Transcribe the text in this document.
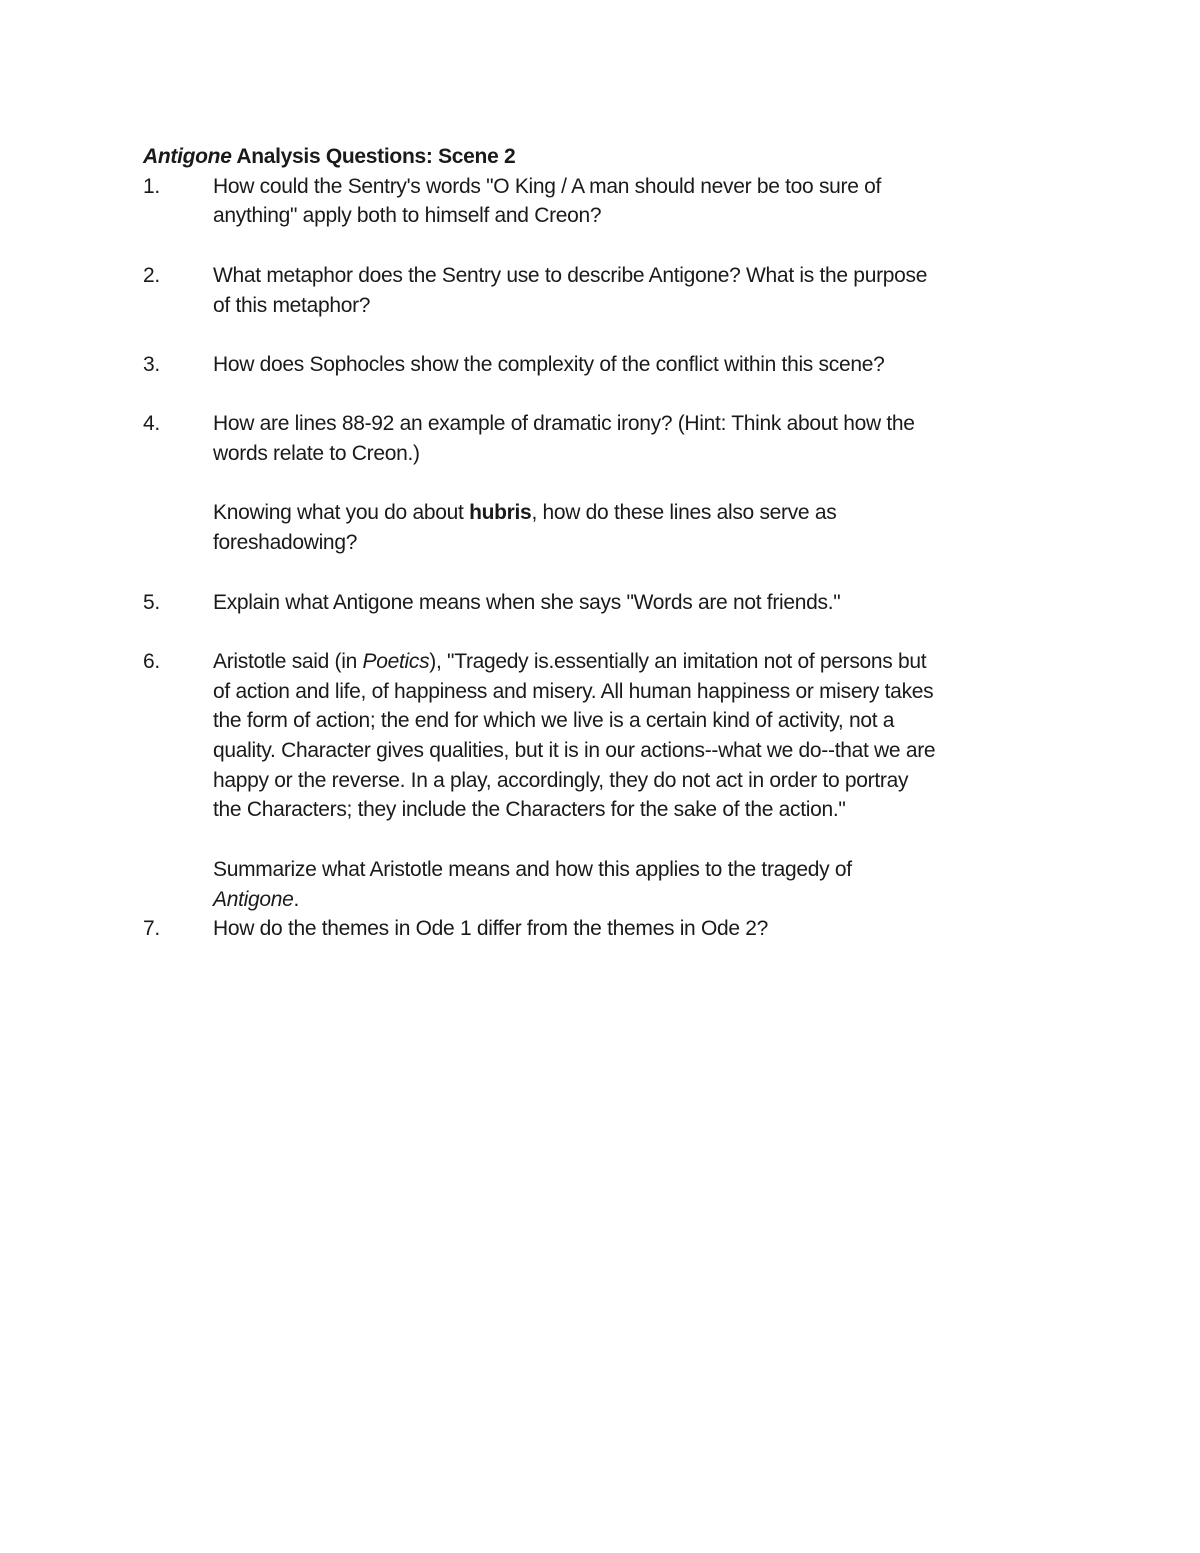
Antigone Analysis Questions: Scene 2
1.	How could the Sentry's words "O King / A man should never be too sure of
anything" apply both to himself and Creon?
2.	What metaphor does the Sentry use to describe Antigone? What is the purpose
of this metaphor?
3.	How does Sophocles show the complexity of the conflict within this scene?
4.	How are lines 88-92 an example of dramatic irony? (Hint: Think about how the
words relate to Creon.)
Knowing what you do about hubris, how do these lines also serve as
foreshadowing?
5.	Explain what Antigone means when she says "Words are not friends."
6.	Aristotle said (in Poetics), "Tragedy is.essentially an imitation not of persons but
of action and life, of happiness and misery. All human happiness or misery takes
the form of action; the end for which we live is a certain kind of activity, not a
quality. Character gives qualities, but it is in our actions--what we do--that we are
happy or the reverse. In a play, accordingly, they do not act in order to portray
the Characters; they include the Characters for the sake of the action."
Summarize what Aristotle means and how this applies to the tragedy of
Antigone.
7.	How do the themes in Ode 1 differ from the themes in Ode 2?
